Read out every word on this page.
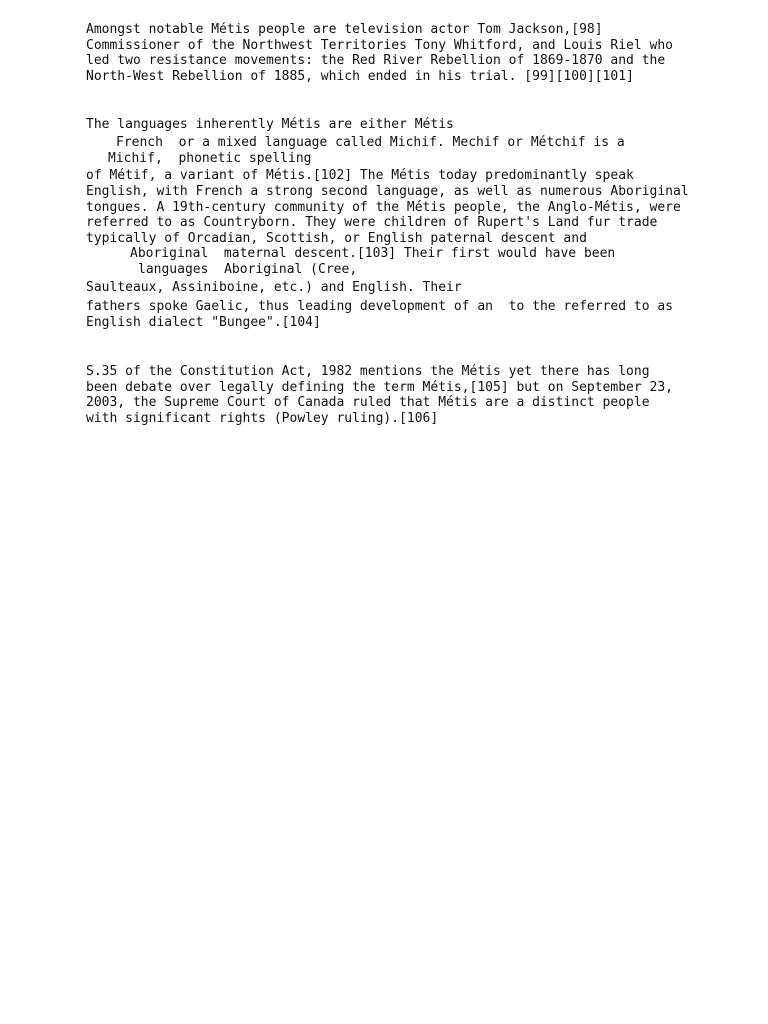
Amongst notable Métis people are television actor Tom Jackson,[98]

Commissioner of the Northwest Territories Tony Whitford, and Louis Riel who

led two resistance movements: the Red River Rebellion of 1869-1870 and the

North-West Rebellion of 1885, which ended in his trial. [99][100][101]

The languages inherently Métis are either Métis

French  or a mixed language called Michif. Mechif or Métchif is a

Michif,  phonetic spelling

of Métif, a variant of Métis.[102] The Métis today predominantly speak

English, with French a strong second language, as well as numerous Aboriginal

tongues. A 19th-century community of the Métis people, the Anglo-Métis, were

referred to as Countryborn. They were children of Rupert's Land fur trade

typically of Orcadian, Scottish, or English paternal descent and

Aboriginal  maternal descent.[103] Their first would have been

languages  Aboriginal (Cree,

Saulteaux, Assiniboine, etc.) and English. Their

fathers spoke Gaelic, thus leading development of an  to the referred to as

English dialect "Bungee".[104]

S.35 of the Constitution Act, 1982 mentions the Métis yet there has long

been debate over legally defining the term Métis,[105] but on September 23,

2003, the Supreme Court of Canada ruled that Métis are a distinct people

with significant rights (Powley ruling).[106]
